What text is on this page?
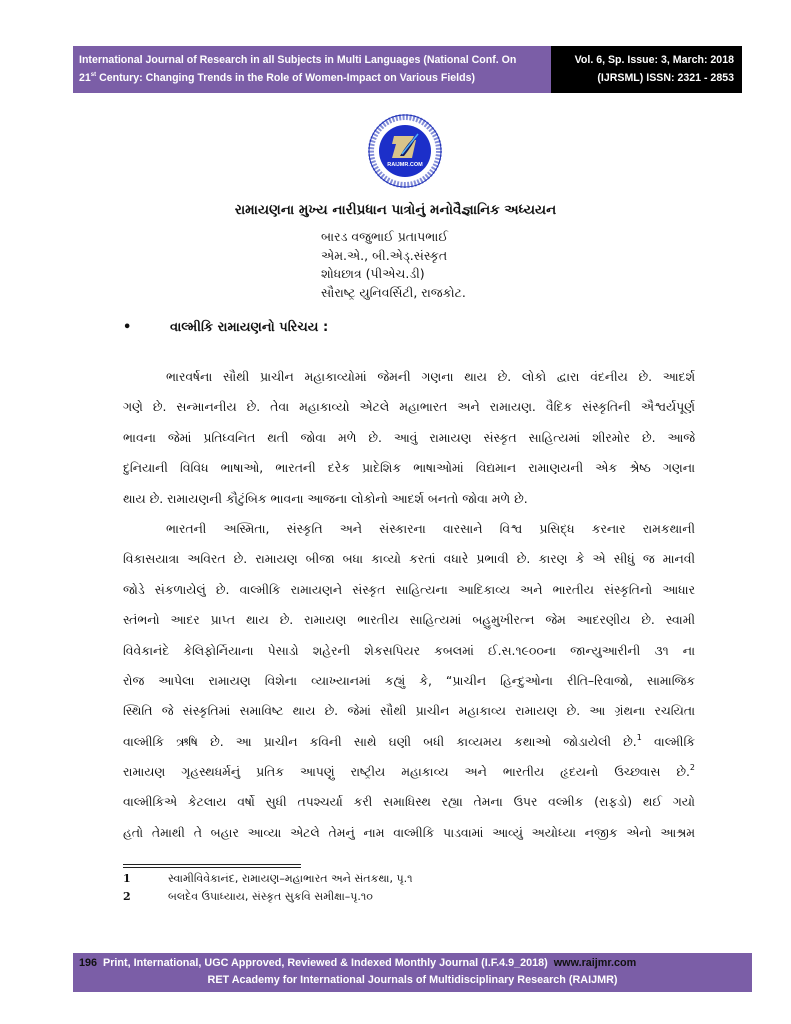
International Journal of Research in all Subjects in Multi Languages (National Conf. On
21st Century: Changing Trends in the Role of Women-Impact on Various Fields)
Vol. 6, Sp. Issue: 3, March: 2018
(IJRSML) ISSN: 2321 - 2853
RAIJMR.COM
રામાયણના મુખ્ય નારીપ્રધાન પાત્રોનું મનોવૈજ્ઞાનિક અધ્યયન
બારડ વજુભાઈ પ્રતાપભાઈ
એમ.એ., બી.એડ્.સંસ્કૃત
શોધછાત્ર (પીએચ.ડી)
સૌરાષ્ટ્ર યુનિવર્સિટી, રાજકોટ.
•	વાલ્મીકિ રામાયણનો પરિચય :
ભારવર્ષના સૌથી પ્રાચીન મહાકાવ્યોમાં જેમની ગણના થાય છે. લોકો દ્વારા વંદનીય છે. આદર્શ
ગણે છે. સન્માનનીય છે. તેવા મહાકાવ્યો એટલે મહાભારત અને રામાયણ. વૈદિક સંસ્કૃતિની ઐશ્વર્યપૂર્ણ
ભાવના જેમાં પ્રતિધ્વનિત થતી જોવા મળે છે. આવું રામાયણ સંસ્કૃત સાહિત્યમાં શીરમોર છે. આજે
દુનિયાની વિવિધ ભાષાઓ, ભારતની દરેક પ્રાદેશિક ભાષાઓમાં વિદ્યમાન રામાણયની એક શ્રેષ્ઠ ગણના
થાય છે. રામાયણની કૌટુંબિક ભાવના આજના લોકોનો આદર્શ બનતો જોવા મળે છે.
ભારતની અસ્મિતા, સંસ્કૃતિ અને સંસ્કારના વારસાને વિશ્વ પ્રસિદ્ધ કરનાર રામકથાની
વિકાસયાત્રા અવિરત છે. રામાયણ બીજા બધા કાવ્યો કરતાં વધારે પ્રભાવી છે. કારણ કે એ સીધું જ માનવી
જોડે સંકળાયેલું છે. વાલ્મીકિ રામાયણને સંસ્કૃત સાહિત્યના આદિકાવ્ય અને ભારતીય સંસ્કૃતિનો આધાર
સ્તંભનો આદર પ્રાપ્ત થાય છે. રામાયણ ભારતીય સાહિત્યમાં બહુમુખીરત્ન જેમ આદરણીય છે. સ્વામી
વિવેકાનંદે કેલિફોર્નિયાના પેસાડો શહેરની શેકસપિયર કબલમાં ઈ.સ.૧૯૦૦ના જાન્યુઆરીની ૩૧ ના
રોજ આપેલા રામાયણ વિશેના વ્યાખ્યાનમાં કહ્યું કે, “પ્રાચીન હિન્દુઓના રીતિ–રિવાજો, સામાજિક
સ્થિતિ જે સંસ્કૃતિમાં સમાવિષ્ટ થાય છે. જેમાં સૌથી પ્રાચીન મહાકાવ્ય રામાયણ છે. આ ગ્રંથના રચયિતા
વાલ્મીકિ ઋષિ છે. આ પ્રાચીન કવિની સાથે ઘણી બધી કાવ્યમય કથાઓ જોડાયેલી છે.$^1$ વાલ્મીકિ
રામાયણ ગૃહસ્થધર્મનું પ્રતિક આપણું રાષ્ટ્રીય મહાકાવ્ય અને ભારતીય હૃદયનો ઉચ્છ્વાસ છે.$^2$
વાલ્મીકિએ કેટલાય વર્ષો સુધી તપશ્ચર્યા કરી સમાધિસ્થ રહ્યા તેમના ઉપર વલ્મીક (રાફડો) થઈ ગયો
હતો તેમાથી તે બહાર આવ્યા એટલે તેમનું નામ વાલ્મીકિ પાડવામાં આવ્યું અયોધ્યા નજીક એનો આશ્રમ
1	સ્વામીવિવેકાનંદ, રામાયણ–મહાભારત અને સંતકથા, પૃ.૧
2	બલદેવ ઉપાધ્યાય, સંસ્કૃત સુકવિ સમીક્ષા–પૃ.૧૦
196 Print, International, UGC Approved, Reviewed & Indexed Monthly Journal (I.F.4.9_2018) www.raijmr.com
RET Academy for International Journals of Multidisciplinary Research (RAIJMR)
